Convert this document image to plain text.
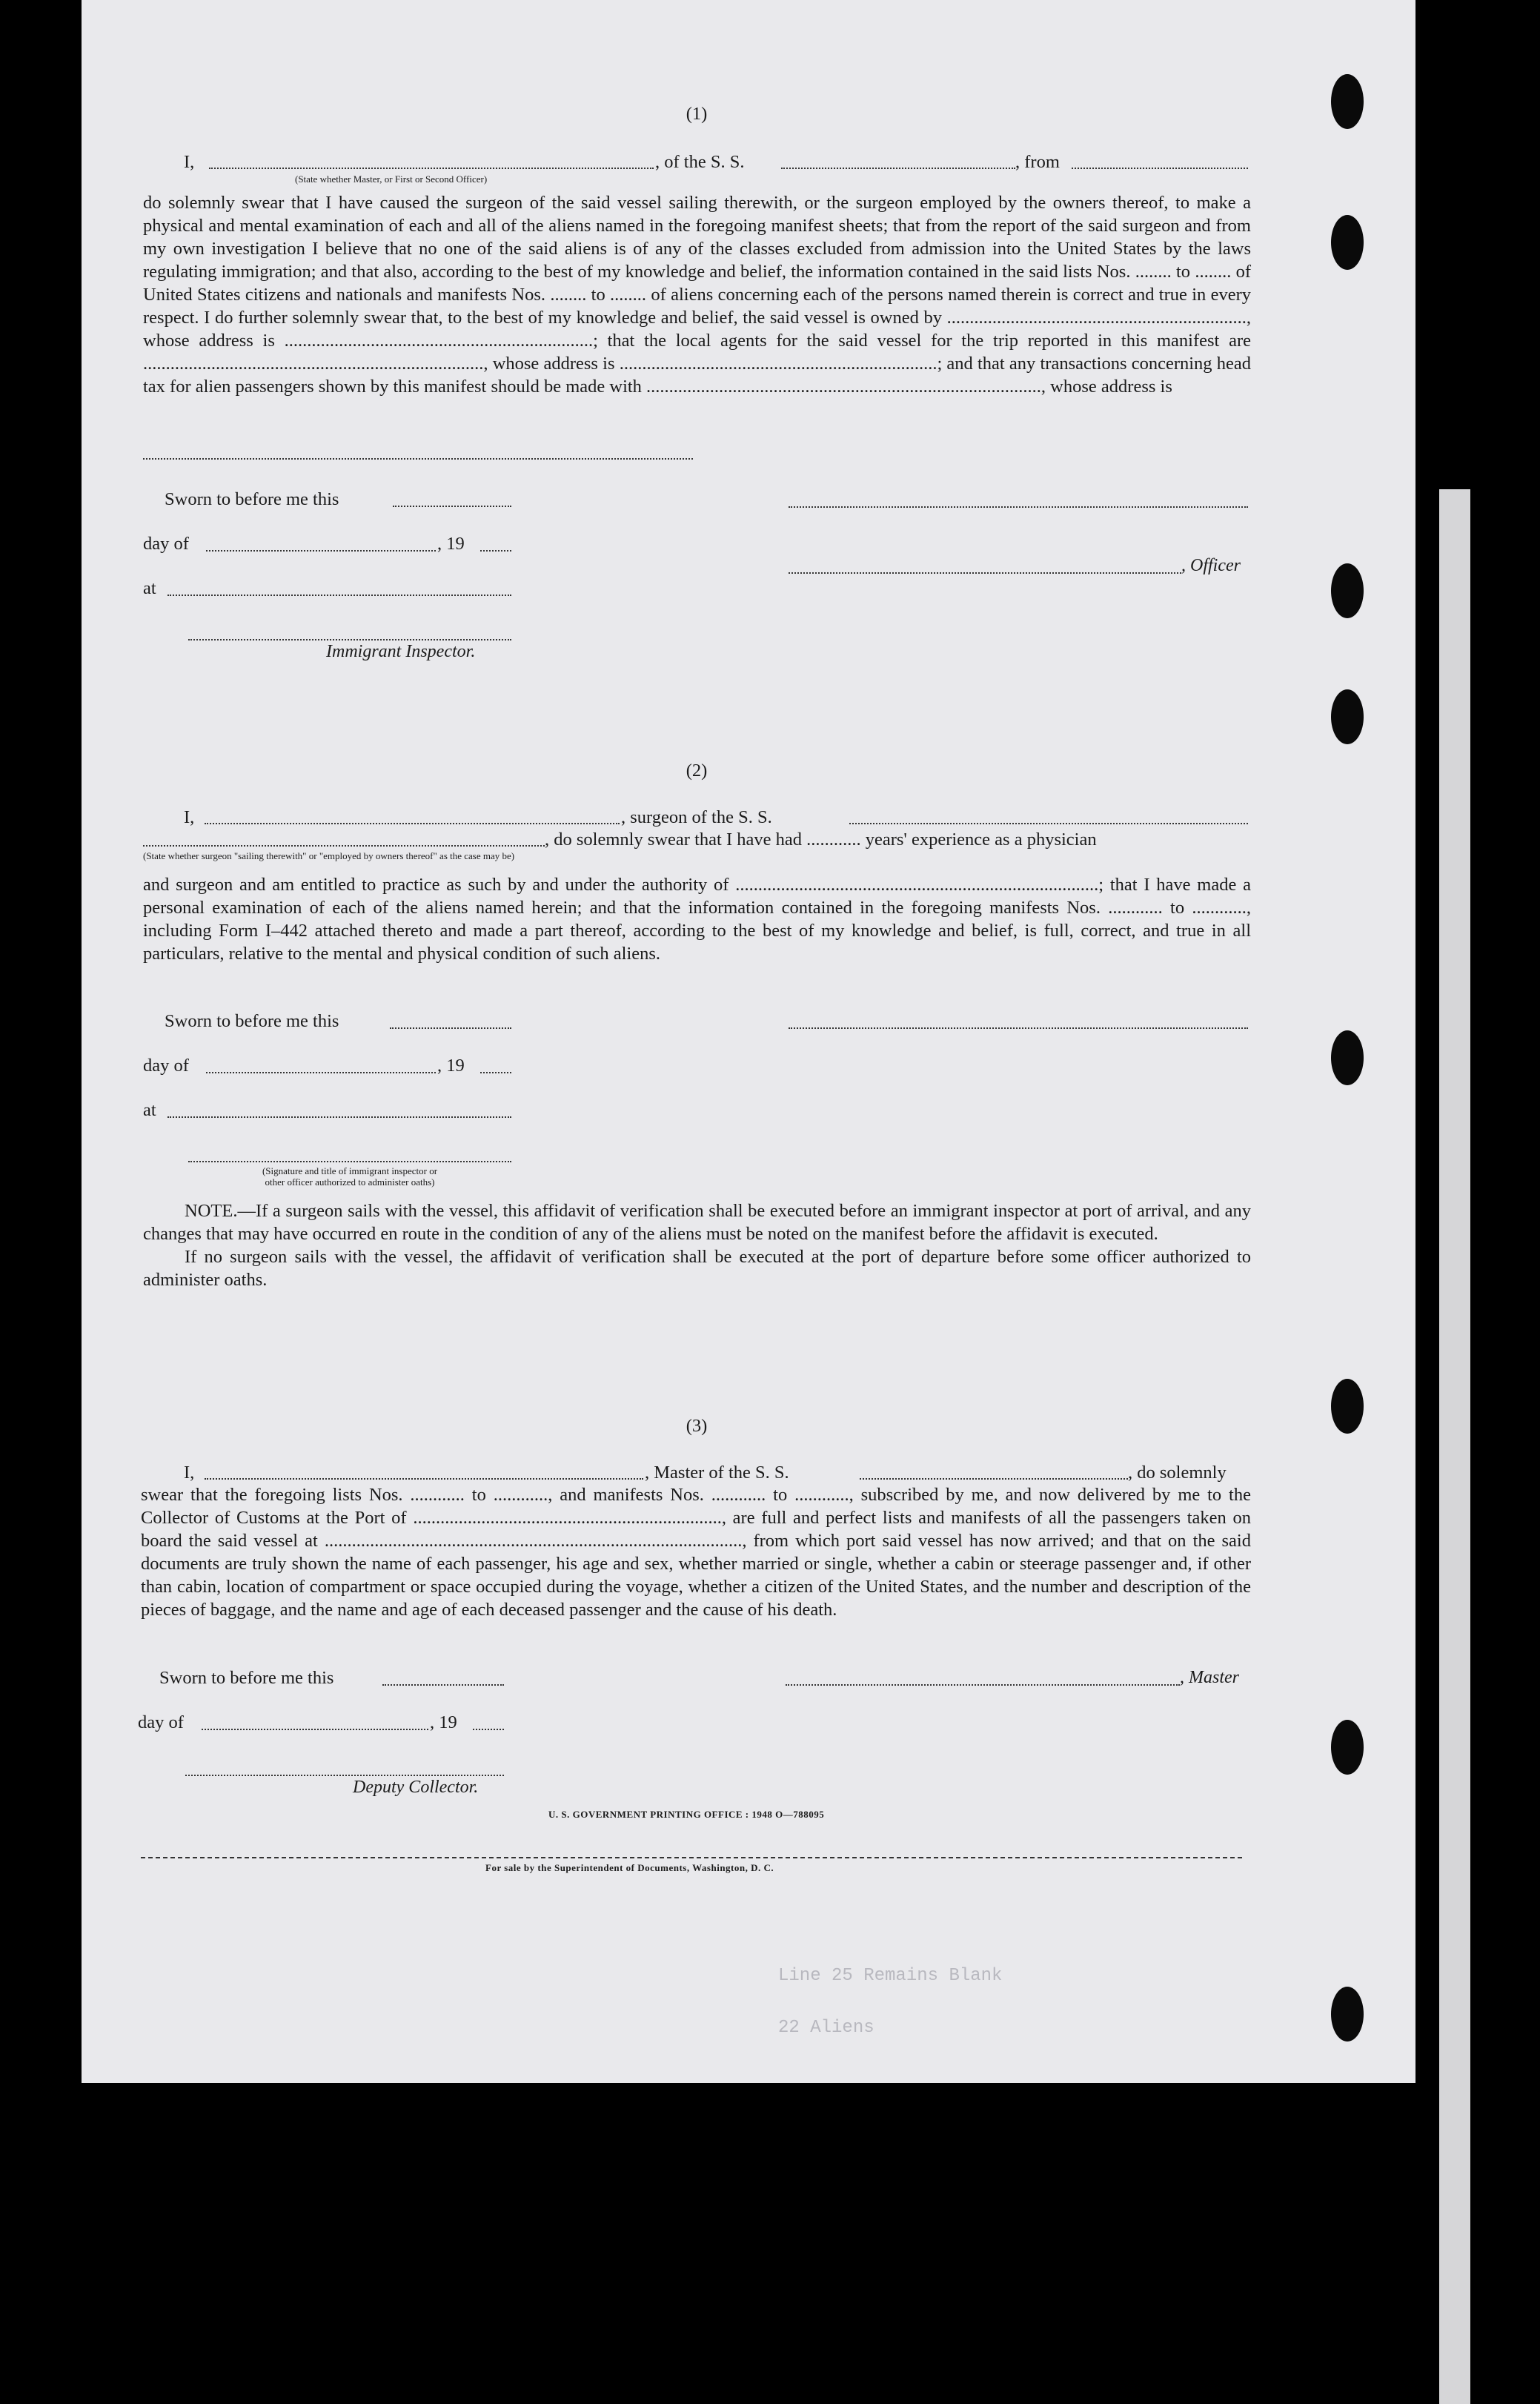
Line 25 Remains Blank
22 Aliens
(1)
I,	, of the S. S.	, from
(State whether Master, or First or Second Officer)
do solemnly swear that I have caused the surgeon of the said vessel sailing therewith, or the surgeon employed by the owners thereof, to make a physical and mental examination of each and all of the aliens named in the foregoing manifest sheets; that from the report of the said surgeon and from my own investigation I believe that no one of the said aliens is of any of the classes excluded from admission into the United States by the laws regulating immigration; and that also, according to the best of my knowledge and belief, the information contained in the said lists Nos. ........ to ........ of United States citizens and nationals and manifests Nos. ........ to ........ of aliens concerning each of the persons named therein is correct and true in every respect. I do further solemnly swear that, to the best of my knowledge and belief, the said vessel is owned by .................................................................., whose address is ....................................................................; that the local agents for the said vessel for the trip reported in this manifest are ..........................................................................., whose address is ......................................................................; and that any transactions concerning head tax for alien passengers shown by this manifest should be made with ......................................................................................., whose address is
Sworn to before me this
day of	, 19
at
Immigrant Inspector.
, Officer
(2)
I,	, surgeon of the S. S.
, do solemnly swear that I have had ............ years' experience as a physician
(State whether surgeon "sailing therewith" or "employed by owners thereof" as the case may be)
and surgeon and am entitled to practice as such by and under the authority of ................................................................................; that I have made a personal examination of each of the aliens named herein; and that the information contained in the foregoing manifests Nos. ............ to ............, including Form I–442 attached thereto and made a part thereof, according to the best of my knowledge and belief, is full, correct, and true in all particulars, relative to the mental and physical condition of such aliens.
Sworn to before me this
day of	, 19
at
(Signature and title of immigrant inspector or
other officer authorized to administer oaths)
NOTE.—If a surgeon sails with the vessel, this affidavit of verification shall be executed before an immigrant inspector at port of arrival, and any changes that may have occurred en route in the condition of any of the aliens must be noted on the manifest before the affidavit is executed.
If no surgeon sails with the vessel, the affidavit of verification shall be executed at the port of departure before some officer authorized to administer oaths.
(3)
I,	, Master of the S. S.	, do solemnly
swear that the foregoing lists Nos. ............ to ............, and manifests Nos. ............ to ............, subscribed by me, and now delivered by me to the Collector of Customs at the Port of ...................................................................., are full and perfect lists and manifests of all the passengers taken on board the said vessel at ............................................................................................, from which port said vessel has now arrived; and that on the said documents are truly shown the name of each passenger, his age and sex, whether married or single, whether a cabin or steerage passenger and, if other than cabin, location of compartment or space occupied during the voyage, whether a citizen of the United States, and the number and description of the pieces of baggage, and the name and age of each deceased passenger and the cause of his death.
Sworn to before me this	, Master
day of	, 19
Deputy Collector.
U. S. GOVERNMENT PRINTING OFFICE : 1948 O—788095
For sale by the Superintendent of Documents, Washington, D. C.
